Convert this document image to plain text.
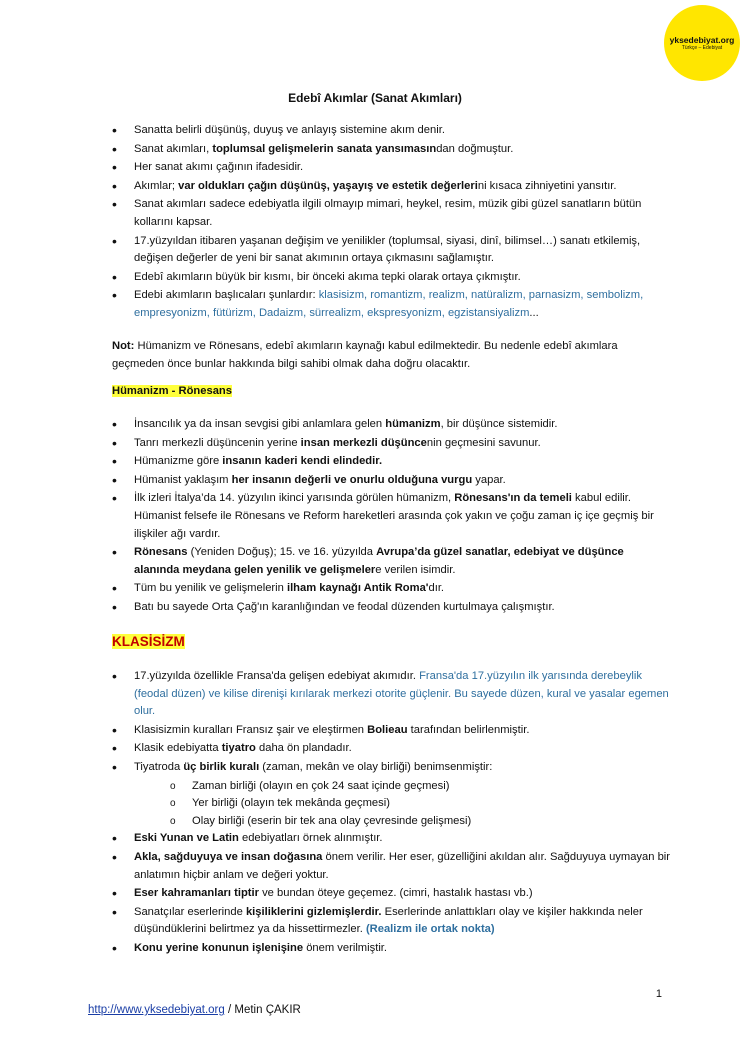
yksedebiyat.org
Türkçe – Edebiyat
Edebî Akımlar (Sanat Akımları)
• Sanatta belirli düşünüş, duyuş ve anlayış sistemine akım denir.
• Sanat akımları, toplumsal gelişmelerin sanata yansımasından doğmuştur.
• Her sanat akımı çağının ifadesidir.
• Akımlar; var oldukları çağın düşünüş, yaşayış ve estetik değerlerini kısaca zihniyetini yansıtır.
• Sanat akımları sadece edebiyatla ilgili olmayıp mimari, heykel, resim, müzik gibi güzel sanatların bütün kollarını kapsar.
• 17.yüzyıldan itibaren yaşanan değişim ve yenilikler (toplumsal, siyasi, dinî, bilimsel…) sanatı etkilemiş, değişen değerler de yeni bir sanat akımının ortaya çıkmasını sağlamıştır.
• Edebî akımların büyük bir kısmı, bir önceki akıma tepki olarak ortaya çıkmıştır.
• Edebi akımların başlıcaları şunlardır: klasisizm, romantizm, realizm, natüralizm, parnasizm, sembolizm, empresyonizm, fütürizm, Dadaizm, sürrealizm, ekspresyonizm, egzistansiyalizm...
Not: Hümanizm ve Rönesans, edebî akımların kaynağı kabul edilmektedir. Bu nedenle edebî akımlara geçmeden önce bunlar hakkında bilgi sahibi olmak daha doğru olacaktır.
Hümanizm - Rönesans
• İnsancılık ya da insan sevgisi gibi anlamlara gelen hümanizm, bir düşünce sistemidir.
• Tanrı merkezli düşüncenin yerine insan merkezli düşüncenin geçmesini savunur.
• Hümanizme göre insanın kaderi kendi elindedir.
• Hümanist yaklaşım her insanın değerli ve onurlu olduğuna vurgu yapar.
• İlk izleri İtalya’da 14. yüzyılın ikinci yarısında görülen hümanizm, Rönesans'ın da temeli kabul edilir. Hümanist felsefe ile Rönesans ve Reform hareketleri arasında çok yakın ve çoğu zaman iç içe geçmiş bir ilişkiler ağı vardır.
• Rönesans (Yeniden Doğuş); 15. ve 16. yüzyılda Avrupa’da güzel sanatlar, edebiyat ve düşünce alanında meydana gelen yenilik ve gelişmelere verilen isimdir.
• Tüm bu yenilik ve gelişmelerin ilham kaynağı Antik Roma'dır.
• Batı bu sayede Orta Çağ'ın karanlığından ve feodal düzenden kurtulmaya çalışmıştır.
KLASİSİZM
• 17.yüzyılda özellikle Fransa'da gelişen edebiyat akımıdır. Fransa'da 17.yüzyılın ilk yarısında derebeylik (feodal düzen) ve kilise direnişi kırılarak merkezi otorite güçlenir. Bu sayede düzen, kural ve yasalar egemen olur.
• Klasisizmin kuralları Fransız şair ve eleştirmen Bolieau tarafından belirlenmiştir.
• Klasik edebiyatta tiyatro daha ön plandadır.
• Tiyatroda üç birlik kuralı (zaman, mekân ve olay birliği) benimsenmiştir:
o Zaman birliği (olayın en çok 24 saat içinde geçmesi)
o Yer birliği (olayın tek mekânda geçmesi)
o Olay birliği (eserin bir tek ana olay çevresinde gelişmesi)
• Eski Yunan ve Latin edebiyatları örnek alınmıştır.
• Akla, sağduyuya ve insan doğasına önem verilir. Her eser, güzelliğini akıldan alır. Sağduyuya uymayan bir anlatımın hiçbir anlam ve değeri yoktur.
• Eser kahramanları tiptir ve bundan öteye geçemez. (cimri, hastalık hastası vb.)
• Sanatçılar eserlerinde kişiliklerini gizlemişlerdir. Eserlerinde anlattıkları olay ve kişiler hakkında neler düşündüklerini belirtmez ya da hissettirmezler. (Realizm ile ortak nokta)
• Konu yerine konunun işlenişine önem verilmiştir.
1
http://www.yksedebiyat.org / Metin ÇAKIR
